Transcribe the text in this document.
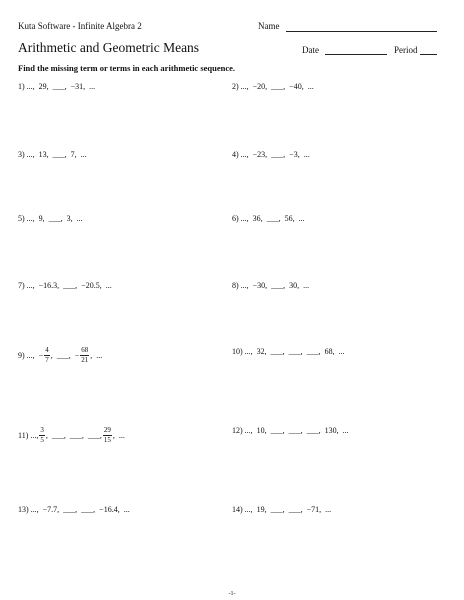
Kuta Software - Infinite Algebra 2	Name
Arithmetic and Geometric Means	Date	Period
Find the missing term or terms in each arithmetic sequence.
1)
...,  29,  ___,  −31,  ...
3)
...,  13,  ___,  7,  ...
5)
...,  9,  ___,  3,  ...
7)
...,  −16.3,  ___,  −20.5,  ...
9)
...,  − $\frac{4}{7}$ ,  ___,  − $\frac{68}{21}$ ,  ...
11)
..., $\frac{3}{5}$ ,  ___,  ___,  ___, $\frac{29}{15}$ ,  ...
13)
...,  −7.7,  ___,  ___,  −16.4,  ...
2)
...,  −20,  ___,  −40,  ...
4)
...,  −23,  ___,  −3,  ...
6)
...,  36,  ___,  56,  ...
8)
...,  −30,  ___,  30,  ...
10)
...,  32,  ___,  ___,  ___,  68,  ...
12)
...,  10,  ___,  ___,  ___,  130,  ...
14)
...,  19,  ___,  ___,  −71,  ...
-1-
